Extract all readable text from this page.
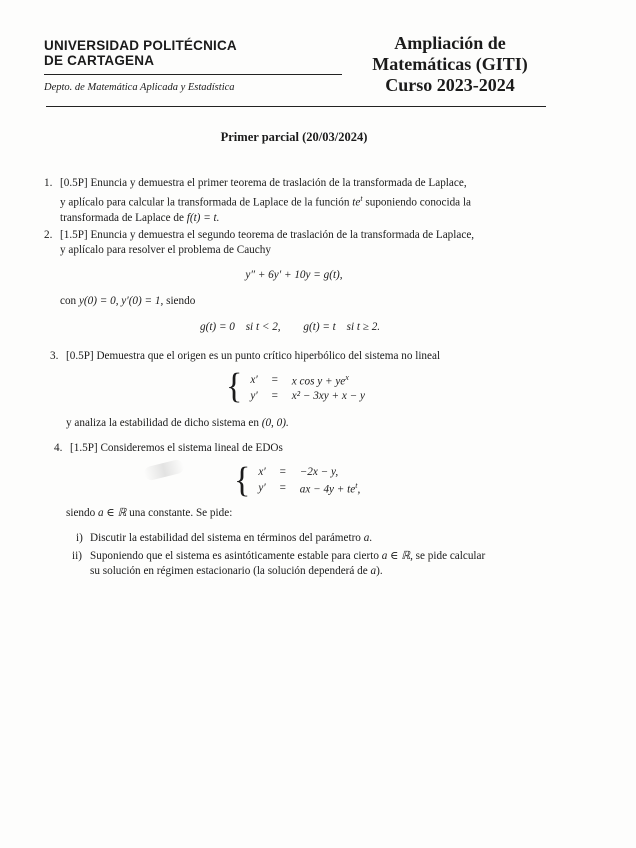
UNIVERSIDAD POLITÉCNICA
DE CARTAGENA
Depto. de Matemática Aplicada y Estadística
Ampliación de
Matemáticas (GITI)
Curso 2023-2024
Primer parcial (20/03/2024)
1. [0.5P] Enuncia y demuestra el primer teorema de traslación de la transformada de Laplace,
y aplícalo para calcular la transformada de Laplace de la función $te^t$ suponiendo conocida la
transformada de Laplace de f(t) = t.
2. [1.5P] Enuncia y demuestra el segundo teorema de traslación de la transformada de Laplace,
y aplícalo para resolver el problema de Cauchy
y″ + 6y′ + 10y = g(t),
con y(0) = 0, y′(0) = 1, siendo
g(t) = 0 si t < 2, g(t) = t si t ≥ 2.
3. [0.5P] Demuestra que el origen es un punto crítico hiperbólico del sistema no lineal
{ x′	=	x $\cos y + ye^x$
y′	=	x² − 3xy + x − y
y analiza la estabilidad de dicho sistema en (0, 0).
4. [1.5P] Consideremos el sistema lineal de EDOs
{ x′	=	−2x − y,
y′	=	ax − $4y + te^t$,
siendo a ∈ ℝ una constante. Se pide:
i) Discutir la estabilidad del sistema en términos del parámetro a.
ii) Suponiendo que el sistema es asintóticamente estable para cierto a ∈ ℝ, se pide calcular
su solución en régimen estacionario (la solución dependerá de a).
